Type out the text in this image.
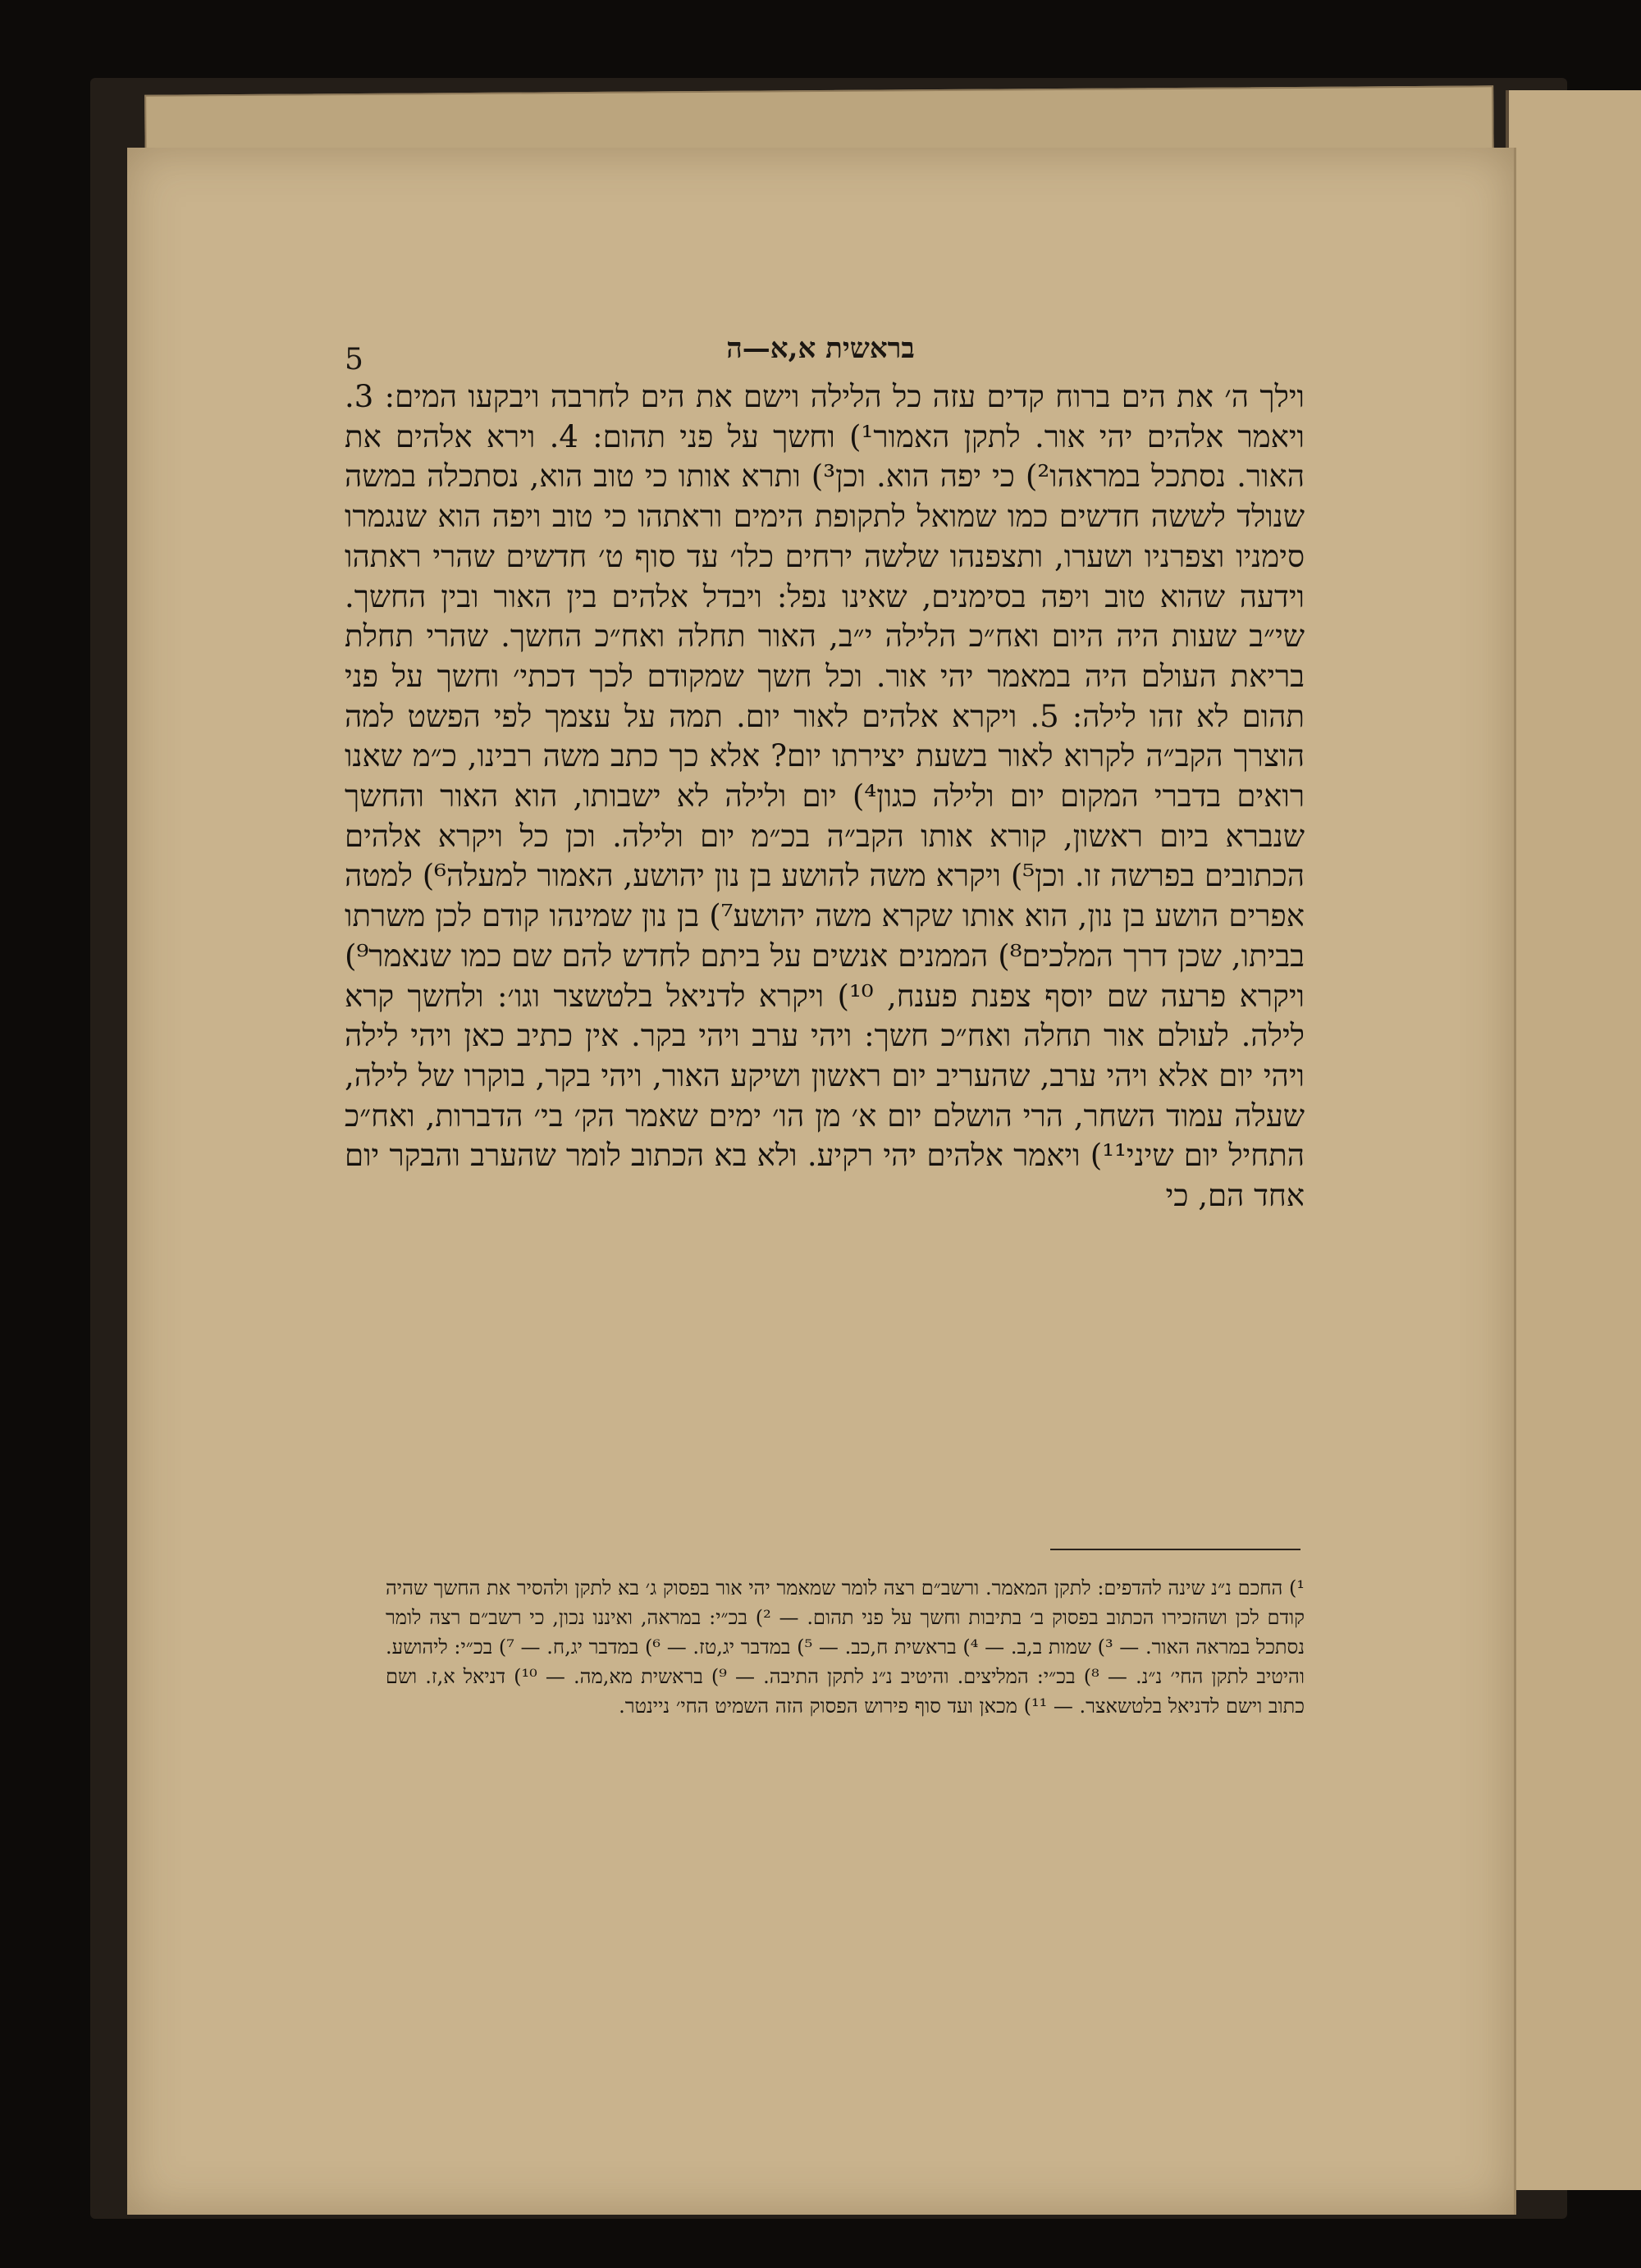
5	בראשית א,א—ה

וילך ה׳ את הים ברוח קדים עזה כל הלילה וישם את הים לחרבה ויבקעו המים: 3. ויאמר אלהים יהי אור. לתקן האמור¹) וחשך על פני תהום: 4. וירא אלהים את האור. נסתכל במראהו²) כי יפה הוא. וכן³) ותרא אותו כי טוב הוא, נסתכלה במשה שנולד לששה חדשים כמו שמואל לתקופת הימים וראתהו כי טוב ויפה הוא שנגמרו סימניו וצפרניו ושערו, ותצפנהו שלשה ירחים כלו׳ עד סוף ט׳ חדשים שהרי ראתהו וידעה שהוא טוב ויפה בסימנים, שאינו נפל: ויבדל אלהים בין האור ובין החשך. שי״ב שעות היה היום ואח״כ הלילה י״ב, האור תחלה ואח״כ החשך. שהרי תחלת בריאת העולם היה במאמר יהי אור. וכל חשך שמקודם לכך דכתי׳ וחשך על פני תהום לא זהו לילה: 5. ויקרא אלהים לאור יום. תמה על עצמך לפי הפשט למה הוצרך הקב״ה לקרוא לאור בשעת יצירתו יום? אלא כך כתב משה רבינו, כ״מ שאנו רואים בדברי המקום יום ולילה כגון⁴) יום ולילה לא ישבותו, הוא האור והחשך שנברא ביום ראשון, קורא אותו הקב״ה בכ״מ יום ולילה. וכן כל ויקרא אלהים הכתובים בפרשה זו. וכן⁵) ויקרא משה להושע בן נון יהושע, האמור למעלה⁶) למטה אפרים הושע בן נון, הוא אותו שקרא משה יהושע⁷) בן נון שמינהו קודם לכן משרתו בביתו, שכן דרך המלכים⁸) הממנים אנשים על ביתם לחדש להם שם כמו שנאמר⁹) ויקרא פרעה שם יוסף צפנת פענח, ¹⁰) ויקרא לדניאל בלטשצר וגו׳: ולחשך קרא לילה. לעולם אור תחלה ואח״כ חשך: ויהי ערב ויהי בקר. אין כתיב כאן ויהי לילה ויהי יום אלא ויהי ערב, שהעריב יום ראשון ושיקע האור, ויהי בקר, בוקרו של לילה, שעלה עמוד השחר, הרי הושלם יום א׳ מן הו׳ ימים שאמר הק׳ בי׳ הדברות, ואח״כ התחיל יום שיני¹¹) ויאמר אלהים יהי רקיע. ולא בא הכתוב לומר שהערב והבקר יום אחד הם, כי

¹) החכם נ״נ שינה להדפים: לתקן המאמר. ורשב״ם רצה לומר שמאמר יהי אור בפסוק ג׳ בא לתקן ולהסיר את החשך שהיה קודם לכן ושהזכירו הכתוב בפסוק ב׳ בתיבות וחשך על פני תהום. — ²) בכ״י: במראה, ואיננו נכון, כי רשב״ם רצה לומר נסתכל במראה האור. — ³) שמות ב,ב. — ⁴) בראשית ח,כב. — ⁵) במדבר יג,טז. — ⁶) במדבר יג,ח. — ⁷) בכ״י: ליהושע. והיטיב לתקן החי׳ נ״נ. — ⁸) בכ״י: המליצים. והיטיב נ״נ לתקן התיבה. — ⁹) בראשית מא,מה. — ¹⁰) דניאל א,ז. ושם כתוב וישם לדניאל בלטשאצר. — ¹¹) מכאן ועד סוף פירוש הפסוק הזה השמיט החי׳ ניינטר.
